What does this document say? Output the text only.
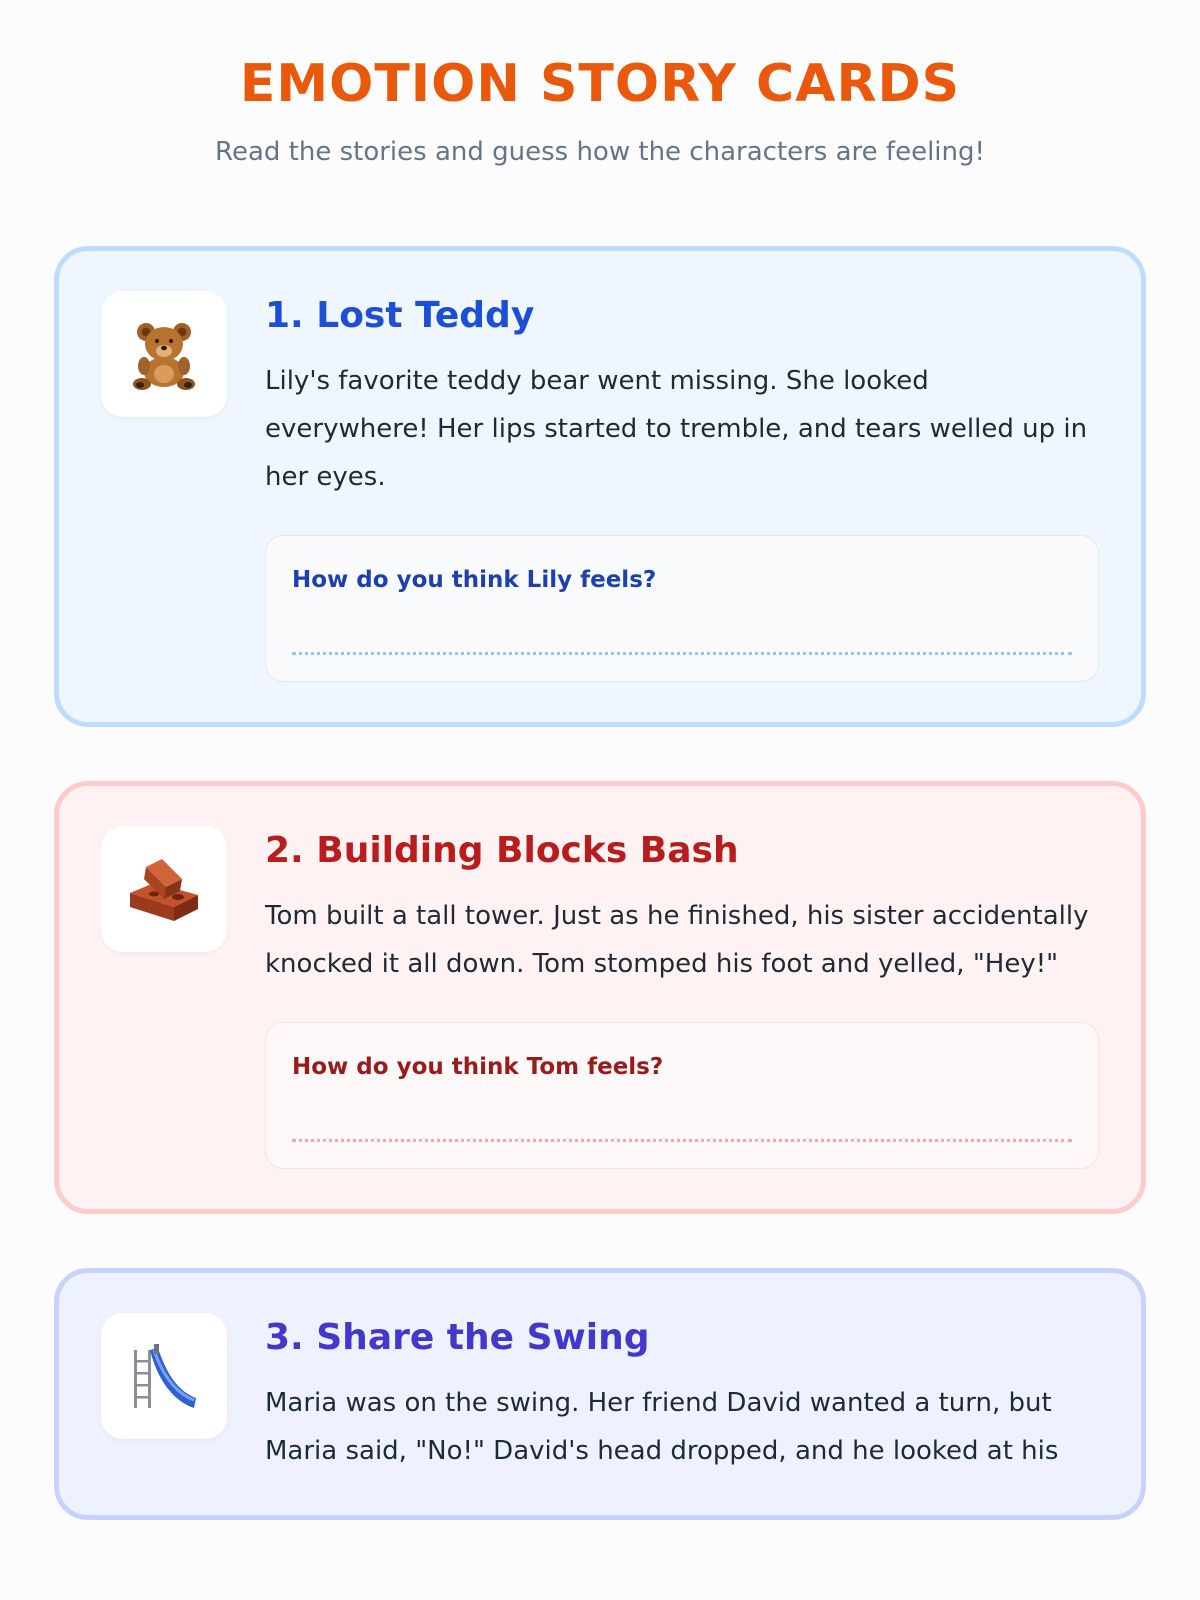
EMOTION STORY CARDS

Read the stories and guess how the characters are feeling!

1. Lost Teddy

Lily's favorite teddy bear went missing. She looked everywhere! Her lips started to tremble, and tears welled up in her eyes.

How do you think Lily feels?

2. Building Blocks Bash

Tom built a tall tower. Just as he finished, his sister accidentally knocked it all down. Tom stomped his foot and yelled, "Hey!"

How do you think Tom feels?

3. Share the Swing

Maria was on the swing. Her friend David wanted a turn, but Maria said, "No!" David's head dropped, and he looked at his
